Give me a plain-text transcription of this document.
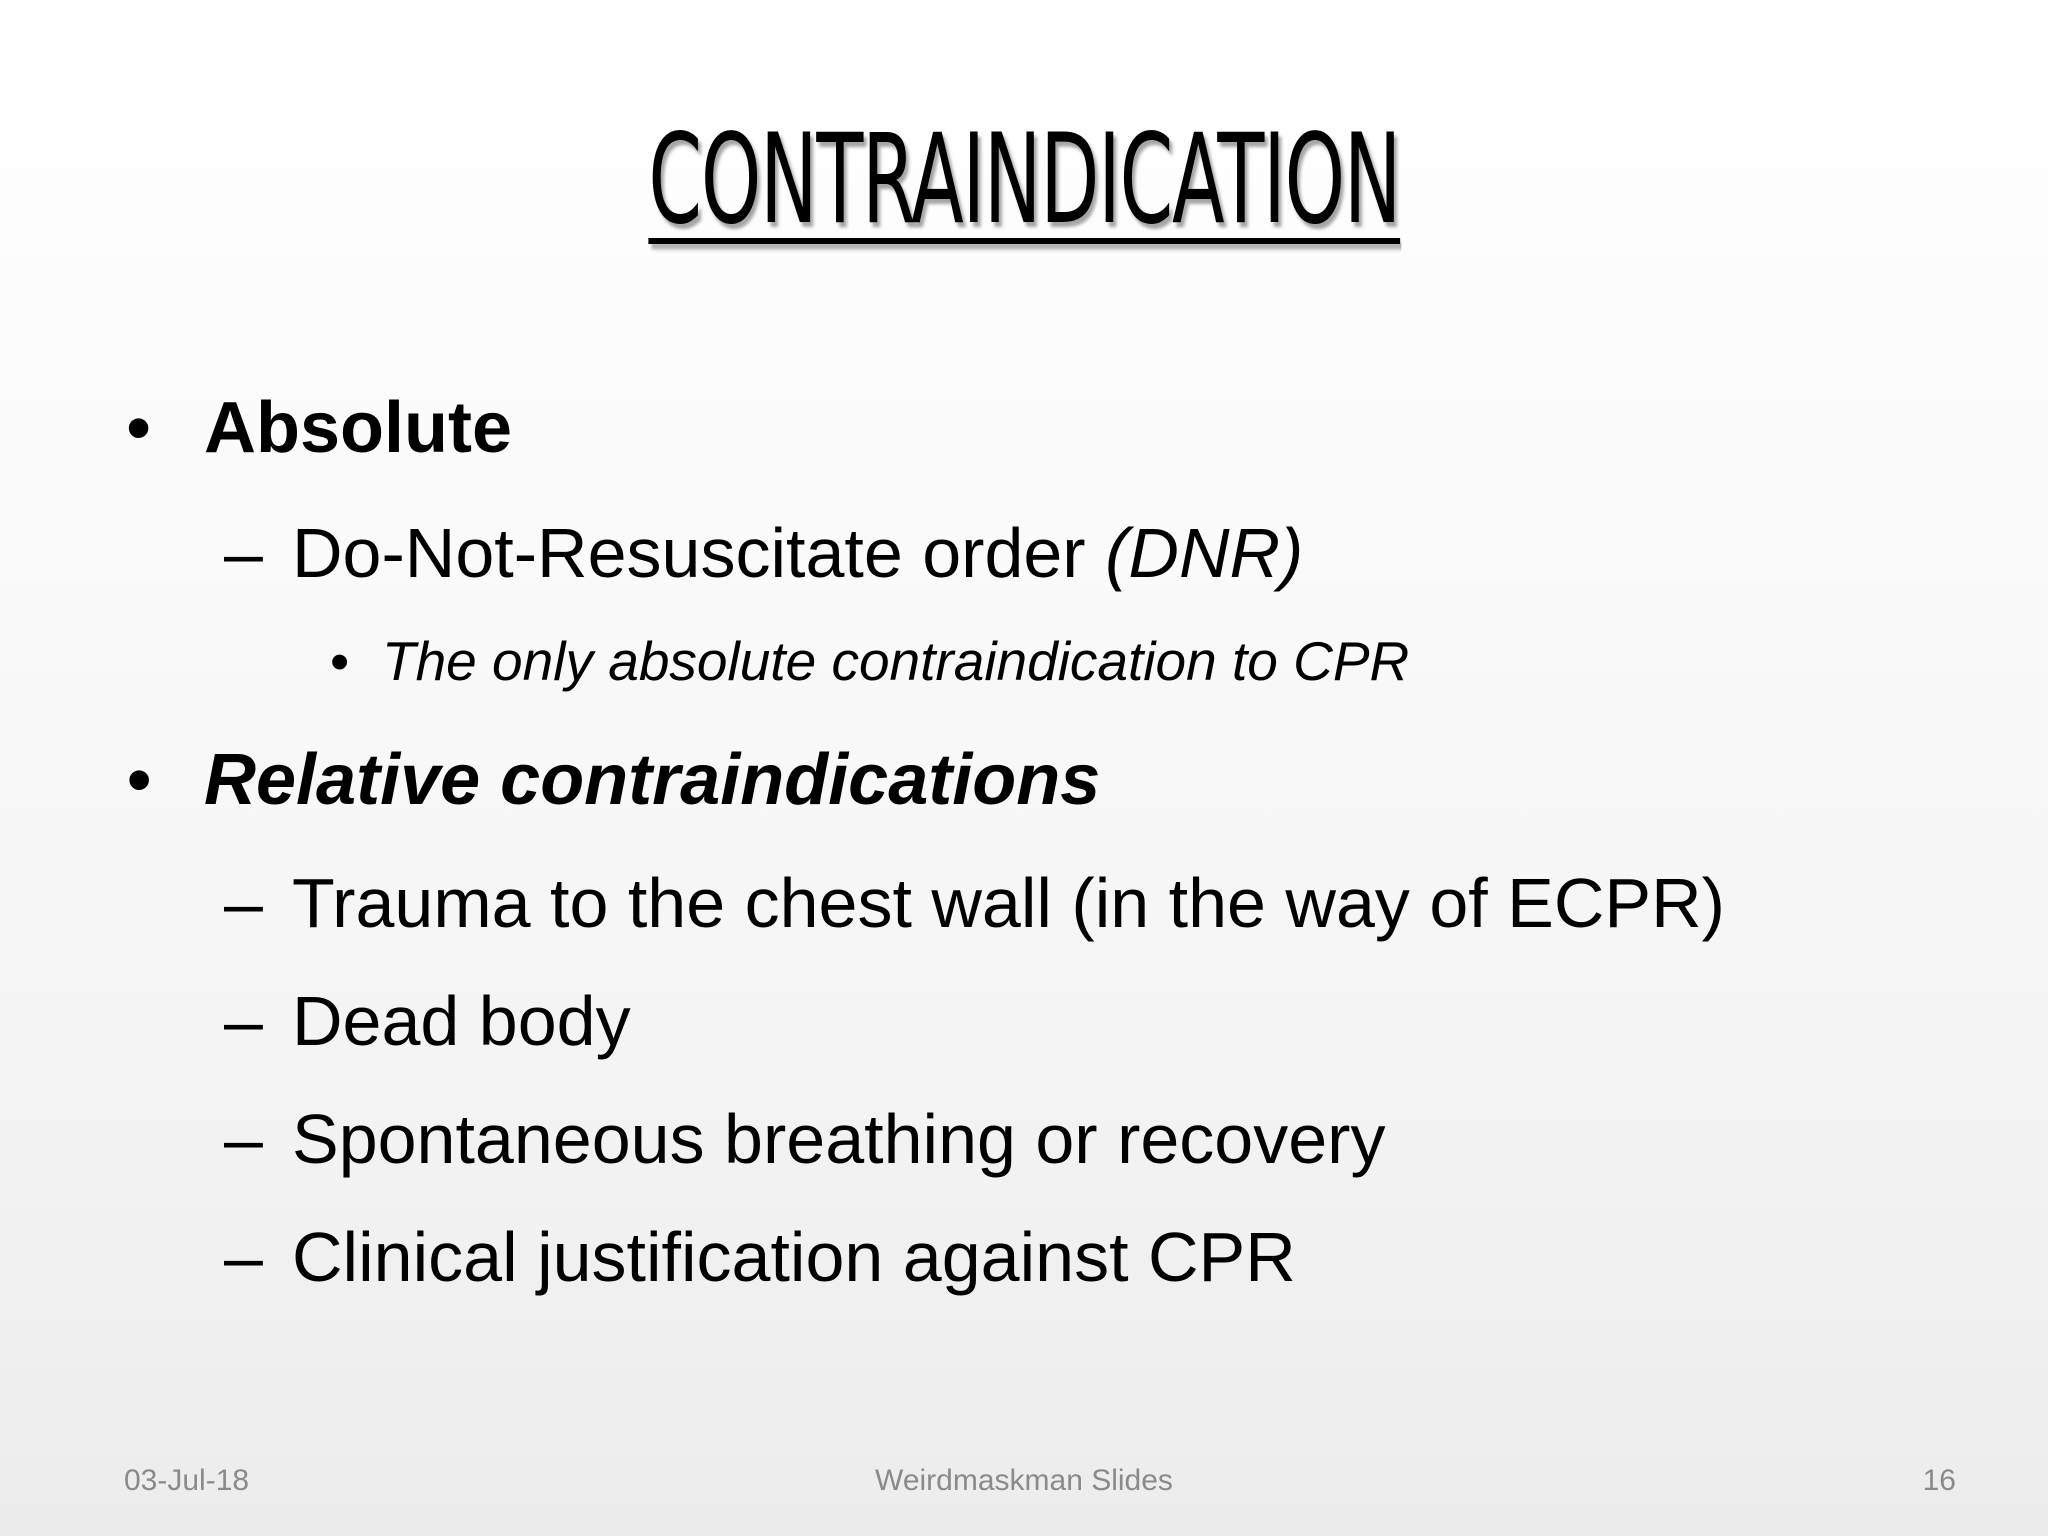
CONTRAINDICATION
• Absolute
– Do-Not-Resuscitate order (DNR)
• The only absolute contraindication to CPR
• Relative contraindications
– Trauma to the chest wall (in the way of ECPR)
– Dead body
– Spontaneous breathing or recovery
– Clinical justification against CPR
03-Jul-18	Weirdmaskman Slides	16
